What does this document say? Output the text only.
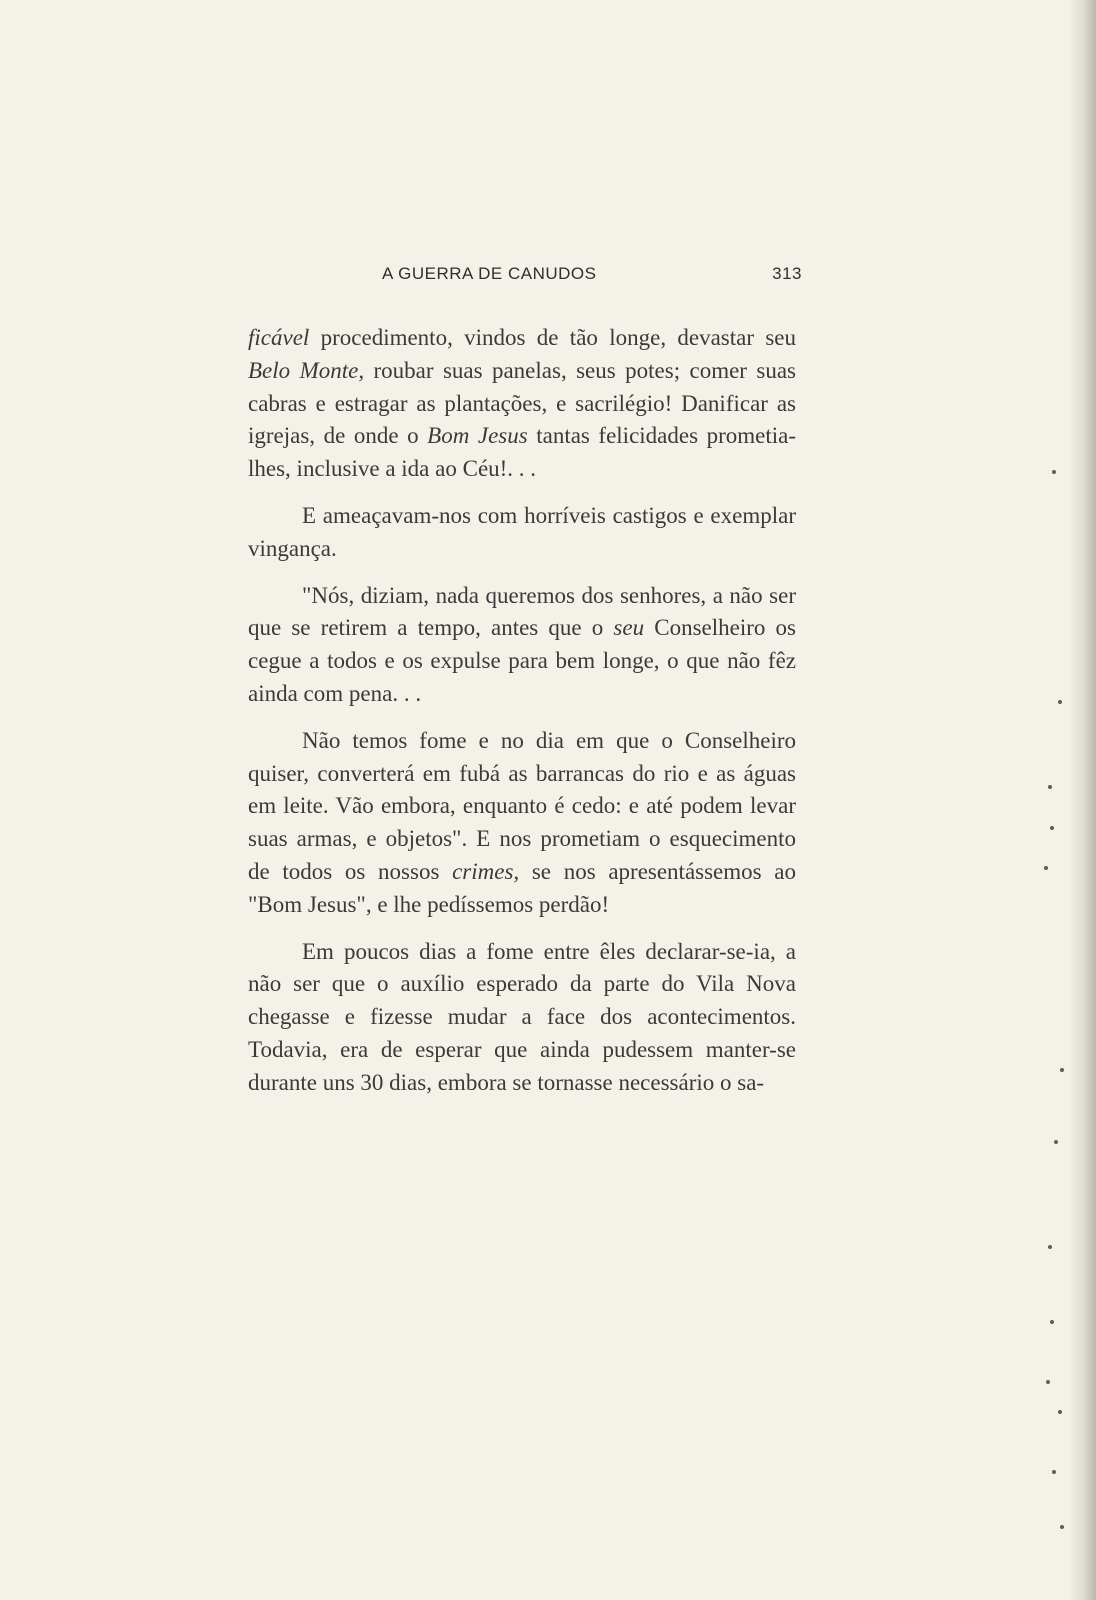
A GUERRA DE CANUDOS	313

ficável procedimento, vindos de tão longe, devastar seu Belo Monte, roubar suas panelas, seus potes; comer suas cabras e estragar as plantações, e sacrilégio! Danificar as igrejas, de onde o Bom Jesus tantas felicidades prometia-lhes, inclusive a ida ao Céu!. . .

E ameaçavam-nos com horríveis castigos e exemplar vingança.

"Nós, diziam, nada queremos dos senhores, a não ser que se retirem a tempo, antes que o seu Conselheiro os cegue a todos e os expulse para bem longe, o que não fêz ainda com pena. . .

Não temos fome e no dia em que o Conselheiro quiser, converterá em fubá as barrancas do rio e as águas em leite. Vão embora, enquanto é cedo: e até podem levar suas armas, e objetos". E nos prometiam o esquecimento de todos os nossos crimes, se nos apresentássemos ao "Bom Jesus", e lhe pedíssemos perdão!

Em poucos dias a fome entre êles declarar-se-ia, a não ser que o auxílio esperado da parte do Vila Nova chegasse e fizesse mudar a face dos acontecimentos. Todavia, era de esperar que ainda pudessem manter-se durante uns 30 dias, embora se tornasse necessário o sa-
